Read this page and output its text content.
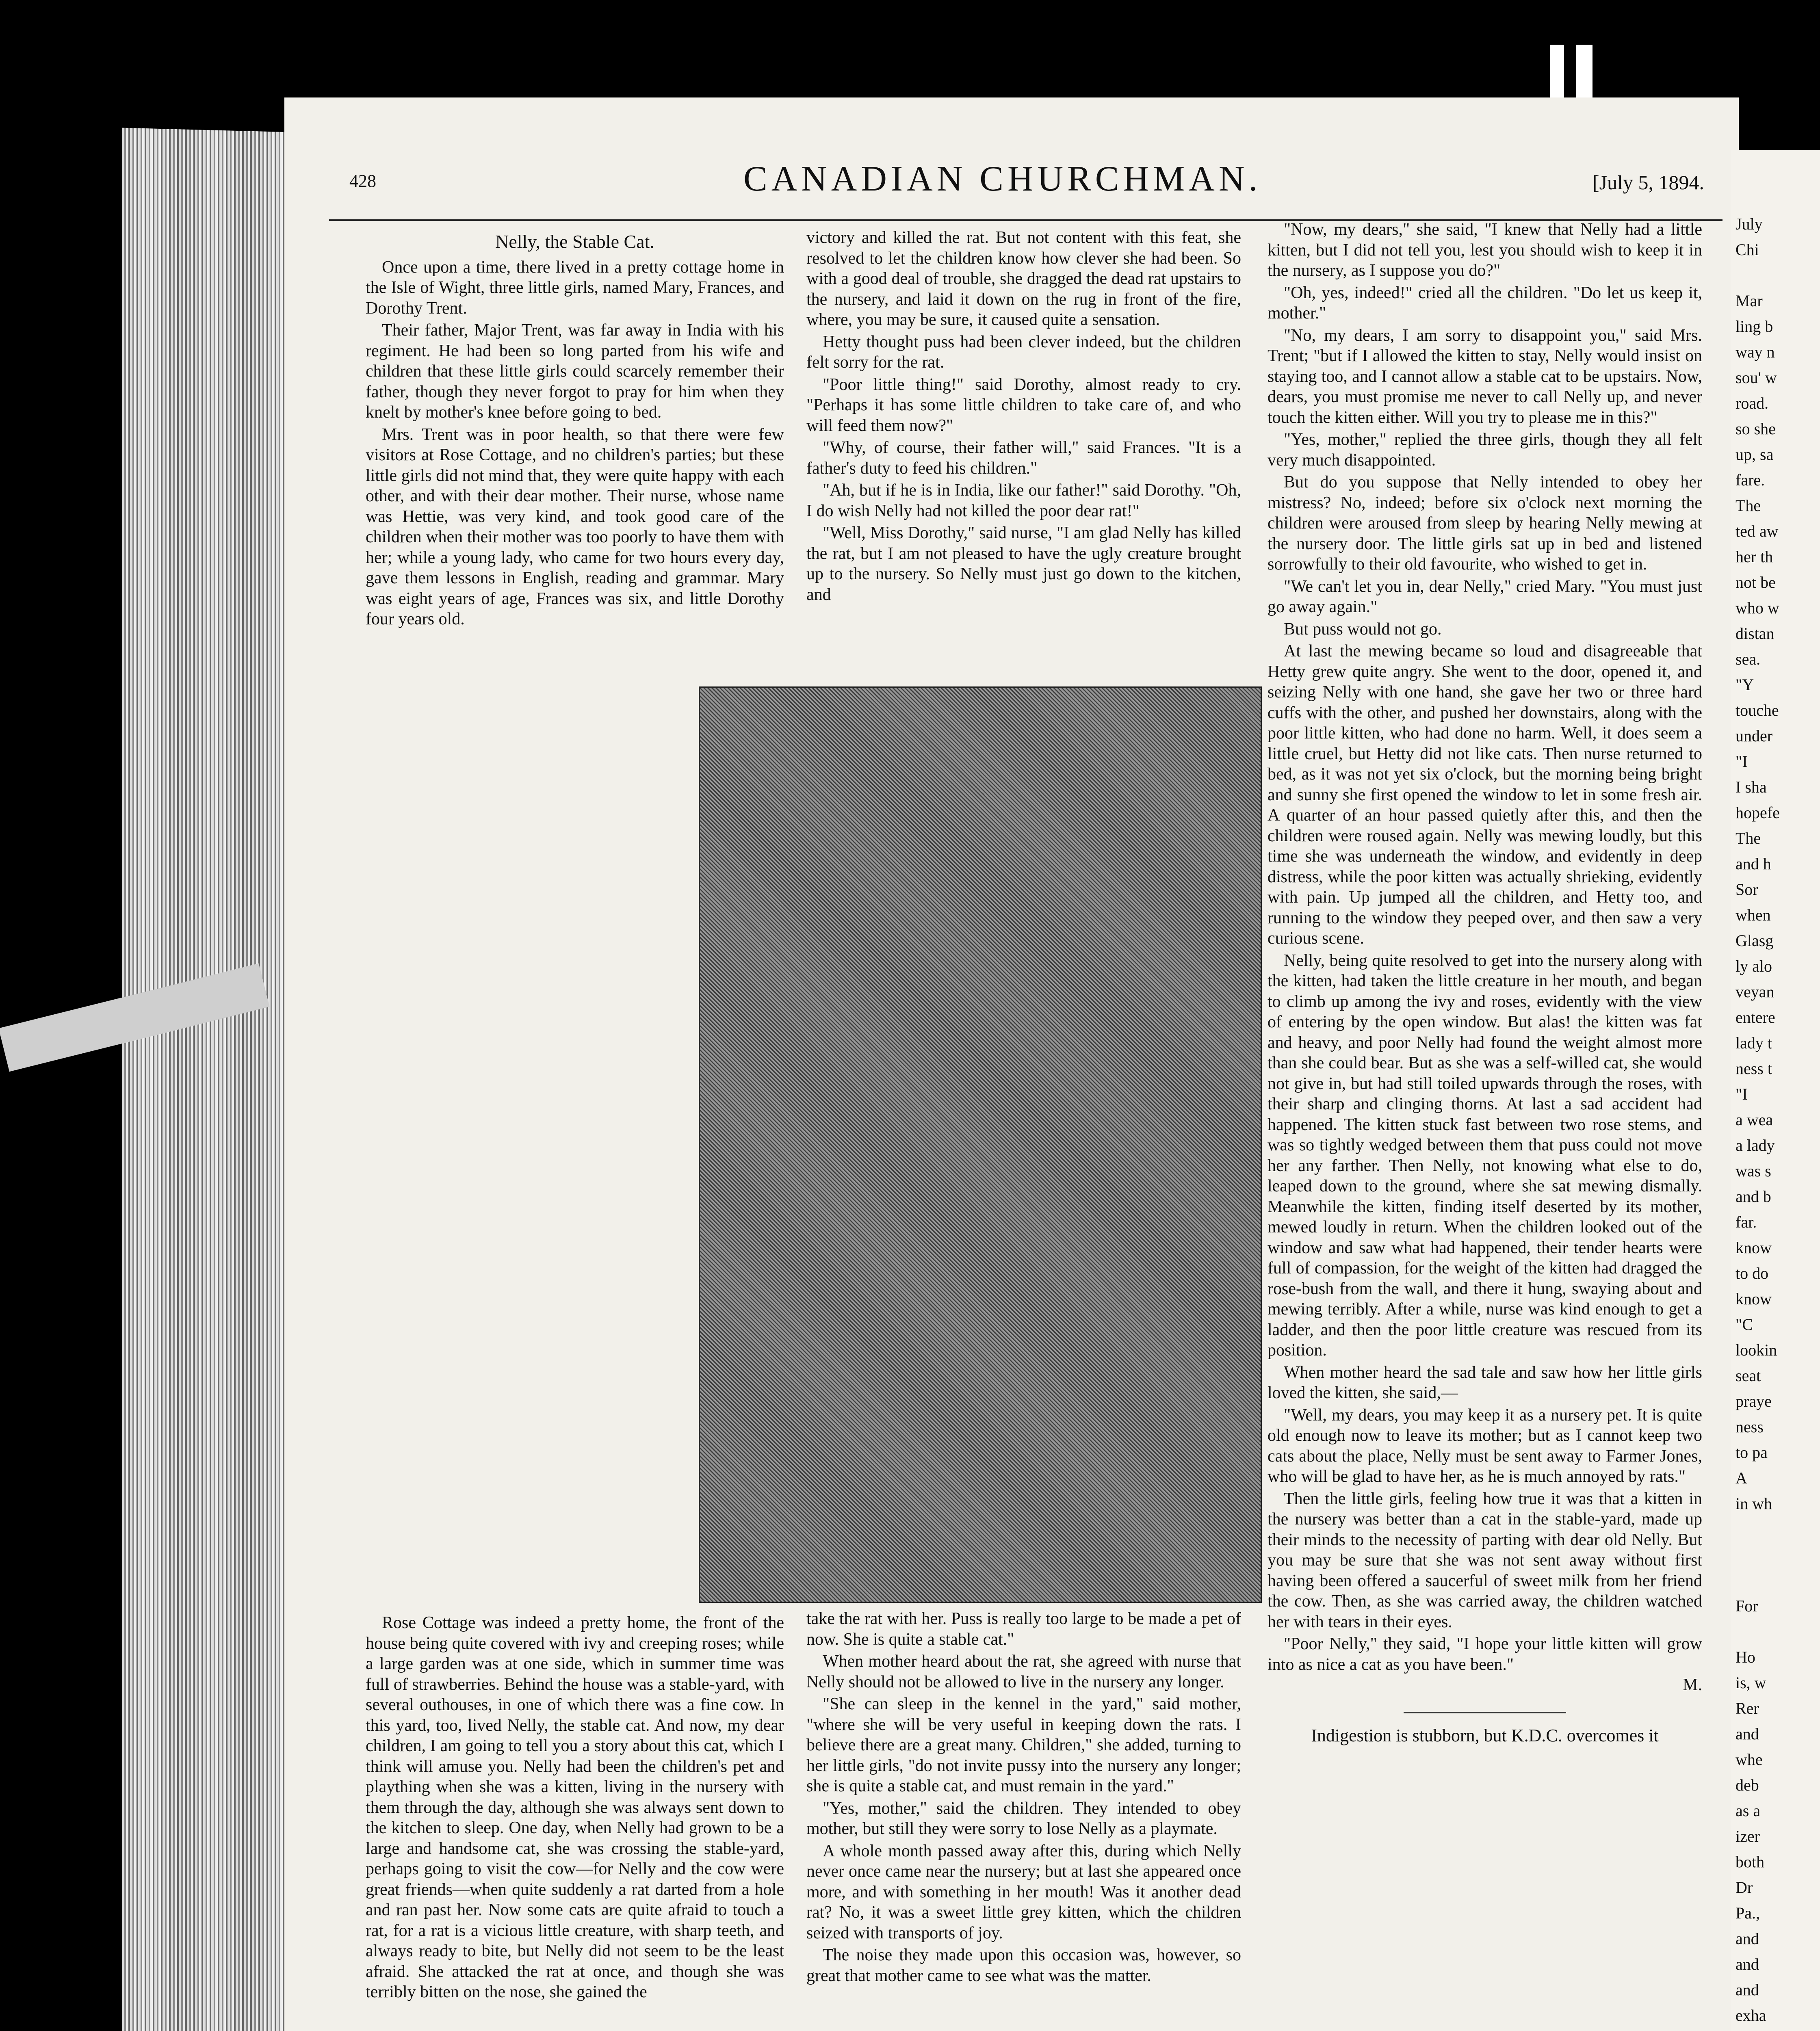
428	CANADIAN CHURCHMAN.	[July 5, 1894.
Nelly, the Stable Cat.

Once upon a time, there lived in a pretty cottage home in the Isle of Wight, three little girls, named Mary, Frances, and Dorothy Trent.

Their father, Major Trent, was far away in India with his regiment. He had been so long parted from his wife and children that these little girls could scarcely remember their father, though they never forgot to pray for him when they knelt by mother's knee before going to bed.

Mrs. Trent was in poor health, so that there were few visitors at Rose Cottage, and no children's parties; but these little girls did not mind that, they were quite happy with each other, and with their dear mother. Their nurse, whose name was Hettie, was very kind, and took good care of the children when their mother was too poorly to have them with her; while a young lady, who came for two hours every day, gave them lessons in English, reading and grammar. Mary was eight years of age, Frances was six, and little Dorothy four years old.

victory and killed the rat. But not content with this feat, she resolved to let the children know how clever she had been. So with a good deal of trouble, she dragged the dead rat upstairs to the nursery, and laid it down on the rug in front of the fire, where, you may be sure, it caused quite a sensation.

Hetty thought puss had been clever indeed, but the children felt sorry for the rat.

"Poor little thing!" said Dorothy, almost ready to cry. "Perhaps it has some little children to take care of, and who will feed them now?"

"Why, of course, their father will," said Frances. "It is a father's duty to feed his children."

"Ah, but if he is in India, like our father!" said Dorothy. "Oh, I do wish Nelly had not killed the poor dear rat!"

"Well, Miss Dorothy," said nurse, "I am glad Nelly has killed the rat, but I am not pleased to have the ugly creature brought up to the nursery. So Nelly must just go down to the kitchen, and

"Now, my dears," she said, "I knew that Nelly had a little kitten, but I did not tell you, lest you should wish to keep it in the nursery, as I suppose you do?"

"Oh, yes, indeed!" cried all the children. "Do let us keep it, mother."

"No, my dears, I am sorry to disappoint you," said Mrs. Trent; "but if I allowed the kitten to stay, Nelly would insist on staying too, and I cannot allow a stable cat to be upstairs. Now, dears, you must promise me never to call Nelly up, and never touch the kitten either. Will you try to please me in this?"

"Yes, mother," replied the three girls, though they all felt very much disappointed.

But do you suppose that Nelly intended to obey her mistress? No, indeed; before six o'clock next morning the children were aroused from sleep by hearing Nelly mewing at the nursery door. The little girls sat up in bed and listened sorrowfully to their old favourite, who wished to get in.

"We can't let you in, dear Nelly," cried Mary. "You must just go away again."

But puss would not go.

At last the mewing became so loud and disagreeable that Hetty grew quite angry. She went to the door, opened it, and seizing Nelly with one hand, she gave her two or three hard cuffs with the other, and pushed her downstairs, along with the poor little kitten, who had done no harm. Well, it does seem a little cruel, but Hetty did not like cats. Then nurse returned to bed, as it was not yet six o'clock, but the morning being bright and sunny she first opened the window to let in some fresh air. A quarter of an hour passed quietly after this, and then the children were roused again. Nelly was mewing loudly, but this time she was underneath the window, and evidently in deep distress, while the poor kitten was actually shrieking, evidently with pain. Up jumped all the children, and Hetty too, and running to the window they peeped over, and then saw a very curious scene.

Nelly, being quite resolved to get into the nursery along with the kitten, had taken the little creature in her mouth, and began to climb up among the ivy and roses, evidently with the view of entering by the open window. But alas! the kitten was fat and heavy, and poor Nelly had found the weight almost more than she could bear. But as she was a self-willed cat, she would not give in, but had still toiled upwards through the roses, with their sharp and clinging thorns. At last a sad accident had happened. The kitten stuck fast between two rose stems, and was so tightly wedged between them that puss could not move her any farther. Then Nelly, not knowing what else to do, leaped down to the ground, where she sat mewing dismally. Meanwhile the kitten, finding itself deserted by its mother, mewed loudly in return. When the children looked out of the window and saw what had happened, their tender hearts were full of compassion, for the weight of the kitten had dragged the rose-bush from the wall, and there it hung, swaying about and mewing terribly. After a while, nurse was kind enough to get a ladder, and then the poor little creature was rescued from its position.

When mother heard the sad tale and saw how her little girls loved the kitten, she said,—

"Well, my dears, you may keep it as a nursery pet. It is quite old enough now to leave its mother; but as I cannot keep two cats about the place, Nelly must be sent away to Farmer Jones, who will be glad to have her, as he is much annoyed by rats."

Then the little girls, feeling how true it was that a kitten in the nursery was better than a cat in the stable-yard, made up their minds to the necessity of parting with dear old Nelly. But you may be sure that she was not sent away without first having been offered a saucerful of sweet milk from her friend the cow. Then, as she was carried away, the children watched her with tears in their eyes.

"Poor Nelly," they said, "I hope your little kitten will grow into as nice a cat as you have been."

M.

Indigestion is stubborn, but K.D.C. overcomes it

Rose Cottage was indeed a pretty home, the front of the house being quite covered with ivy and creeping roses; while a large garden was at one side, which in summer time was full of strawberries. Behind the house was a stable-yard, with several outhouses, in one of which there was a fine cow. In this yard, too, lived Nelly, the stable cat. And now, my dear children, I am going to tell you a story about this cat, which I think will amuse you. Nelly had been the children's pet and plaything when she was a kitten, living in the nursery with them through the day, although she was always sent down to the kitchen to sleep. One day, when Nelly had grown to be a large and handsome cat, she was crossing the stable-yard, perhaps going to visit the cow—for Nelly and the cow were great friends—when quite suddenly a rat darted from a hole and ran past her. Now some cats are quite afraid to touch a rat, for a rat is a vicious little creature, with sharp teeth, and always ready to bite, but Nelly did not seem to be the least afraid. She attacked the rat at once, and though she was terribly bitten on the nose, she gained the

take the rat with her. Puss is really too large to be made a pet of now. She is quite a stable cat."

When mother heard about the rat, she agreed with nurse that Nelly should not be allowed to live in the nursery any longer.

"She can sleep in the kennel in the yard," said mother, "where she will be very useful in keeping down the rats. I believe there are a great many. Children," she added, turning to her little girls, "do not invite pussy into the nursery any longer; she is quite a stable cat, and must remain in the yard."

"Yes, mother," said the children. They intended to obey mother, but still they were sorry to lose Nelly as a playmate.

A whole month passed away after this, during which Nelly never once came near the nursery; but at last she appeared once more, and with something in her mouth! Was it another dead rat? No, it was a sweet little grey kitten, which the children seized with transports of joy.

The noise they made upon this occasion was, however, so great that mother came to see what was the matter.

July
Chi

Mar
ling b
way n
sou' w
road.
so she
up, sa
fare.
The
ted aw
her th
not be
who w
distan
sea.
"Y
touche
under
"I
I sha
hopefe
The
and h
Sor
when
Glasg
ly alo
veyan
entere
lady t
ness t
"I
a wea
a lady
was s
and b
far.
know
to do
know
"C
lookin
seat
praye
ness
to pa
A
in wh

For

Ho
is, w
Rer
and
whe
deb
as a
izer
both
Dr
Pa.,
and
and
and
exha
